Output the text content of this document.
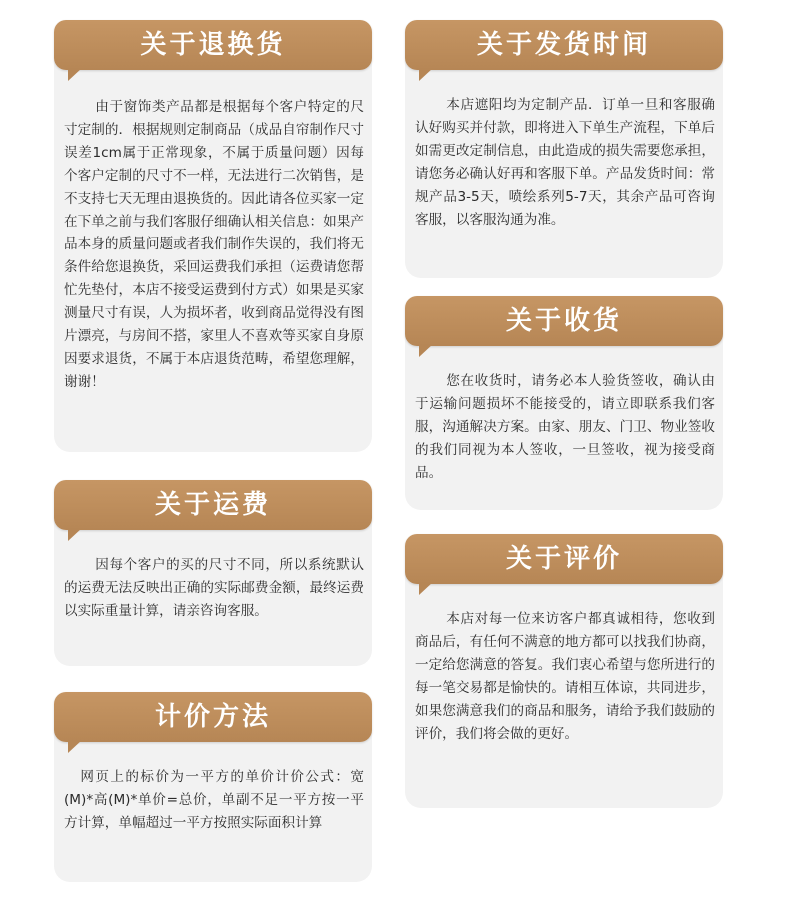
关于退换货
由于窗饰类产品都是根据每个客户特定的尺寸定制的．根据规则定制商品（成品自帘制作尺寸误差1cm属于正常现象，不属于质量问题）因每个客户定制的尺寸不一样，无法进行二次销售，是不支持七天无理由退换货的。因此请各位买家一定在下单之前与我们客服仔细确认相关信息：如果产品本身的质量问题或者我们制作失误的，我们将无条件给您退换货，采回运费我们承担（运费请您帮忙先垫付，本店不接受运费到付方式）如果是买家测量尺寸有误，人为损坏者，收到商品觉得没有图片漂亮，与房间不搭，家里人不喜欢等买家自身原因要求退货，不属于本店退货范畴，希望您理解，谢谢！
关于运费
因每个客户的买的尺寸不同，所以系统默认的运费无法反映出正确的实际邮费金额，最终运费以实际重量计算，请亲咨询客服。
计价方法
网页上的标价为一平方的单价计价公式：宽(M)*高(M)*单价=总价，单副不足一平方按一平方计算，单幅超过一平方按照实际面积计算
关于发货时间
本店遮阳均为定制产品．订单一旦和客服确认好购买并付款，即将进入下单生产流程，下单后如需更改定制信息，由此造成的损失需要您承担，请您务必确认好再和客服下单。产品发货时间：常规产品3-5天，喷绘系列5-7天，其余产品可咨询客服，以客服沟通为准。
关于收货
您在收货时，请务必本人验货签收，确认由于运输问题损坏不能接受的，请立即联系我们客服，沟通解决方案。由家、朋友、门卫、物业签收的我们同视为本人签收，一旦签收，视为接受商品。
关于评价
本店对每一位来访客户都真诚相待，您收到商品后，有任何不满意的地方都可以找我们协商，一定给您满意的答复。我们衷心希望与您所进行的每一笔交易都是愉快的。请相互体谅，共同进步，如果您满意我们的商品和服务，请给予我们鼓励的评价，我们将会做的更好。
